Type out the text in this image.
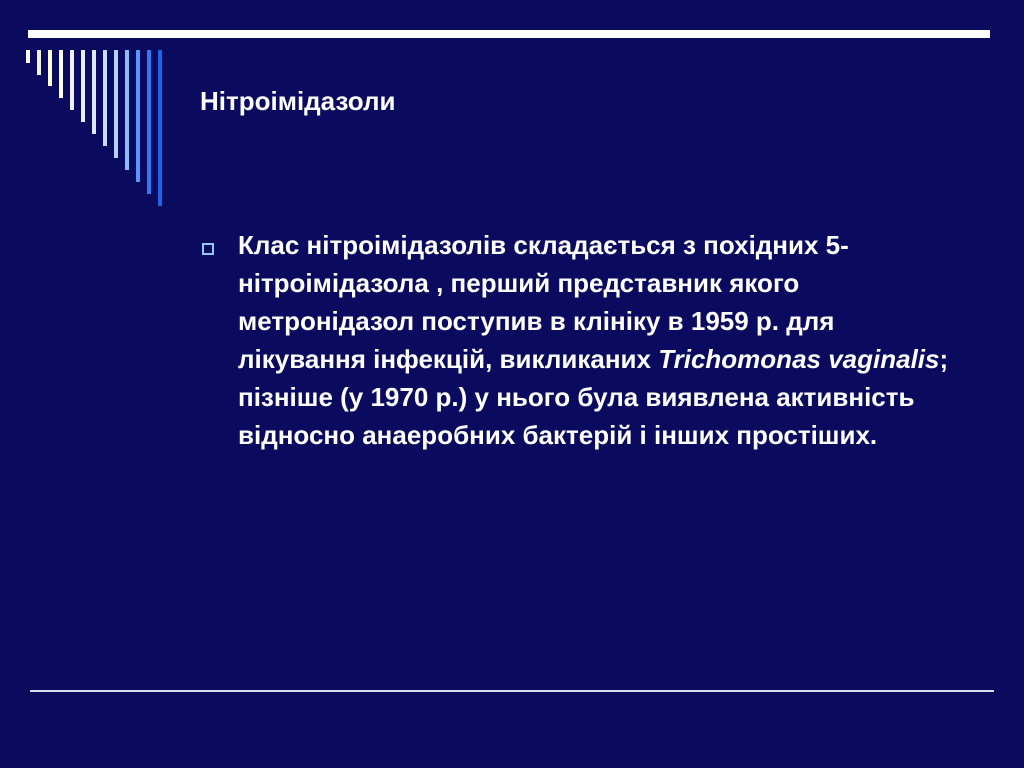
Нітроімідазоли

Клас нітроімідазолів складається з похідних 5-нітроімідазола , перший представник якого метронідазол поступив в клініку в 1959 р. для лікування інфекцій, викликаних Trichomonas vaginalis; пізніше (у 1970 р.) у нього була виявлена активність відносно анаеробних бактерій і інших простіших.
